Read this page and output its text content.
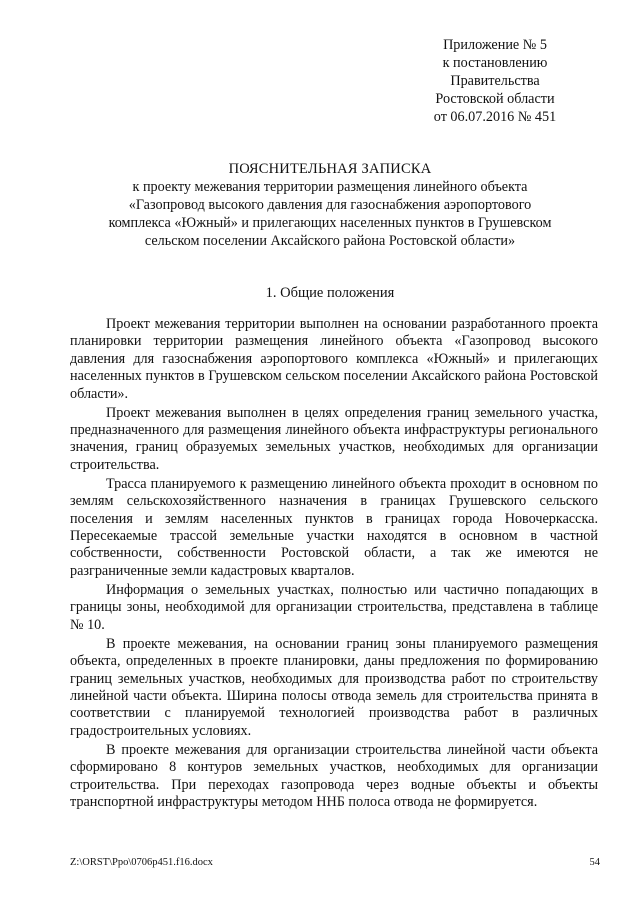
Приложение № 5
к постановлению
Правительства
Ростовской области
от 06.07.2016 № 451
ПОЯСНИТЕЛЬНАЯ ЗАПИСКА
к проекту межевания территории размещения линейного объекта
«Газопровод высокого давления для газоснабжения аэропортового
комплекса «Южный» и прилегающих населенных пунктов в Грушевском
сельском поселении Аксайского района Ростовской области»
1. Общие положения

Проект межевания территории выполнен на основании разработанного проекта планировки территории размещения линейного объекта «Газопровод высокого давления для газоснабжения аэропортового комплекса «Южный» и прилегающих населенных пунктов в Грушевском сельском поселении Аксайского района Ростовской области».

Проект межевания выполнен в целях определения границ земельного участка, предназначенного для размещения линейного объекта инфраструктуры регионального значения, границ образуемых земельных участков, необходимых для организации строительства.

Трасса планируемого к размещению линейного объекта проходит в основном по землям сельскохозяйственного назначения в границах Грушевского сельского поселения и землям населенных пунктов в границах города Новочеркасска. Пересекаемые трассой земельные участки находятся в основном в частной собственности, собственности Ростовской области, а так же имеются не разграниченные земли кадастровых кварталов.

Информация о земельных участках, полностью или частично попадающих в границы зоны, необходимой для организации строительства, представлена в таблице № 10.

В проекте межевания, на основании границ зоны планируемого размещения объекта, определенных в проекте планировки, даны предложения по формированию границ земельных участков, необходимых для производства работ по строительству линейной части объекта. Ширина полосы отвода земель для строительства принята в соответствии с планируемой технологией производства работ в различных градостроительных условиях.

В проекте межевания для организации строительства линейной части объекта сформировано 8 контуров земельных участков, необходимых для организации строительства. При переходах газопровода через водные объекты и объекты транспортной инфраструктуры методом ННБ полоса отвода не формируется.

Z:\ORST\Ppo\0706p451.f16.docx	54
